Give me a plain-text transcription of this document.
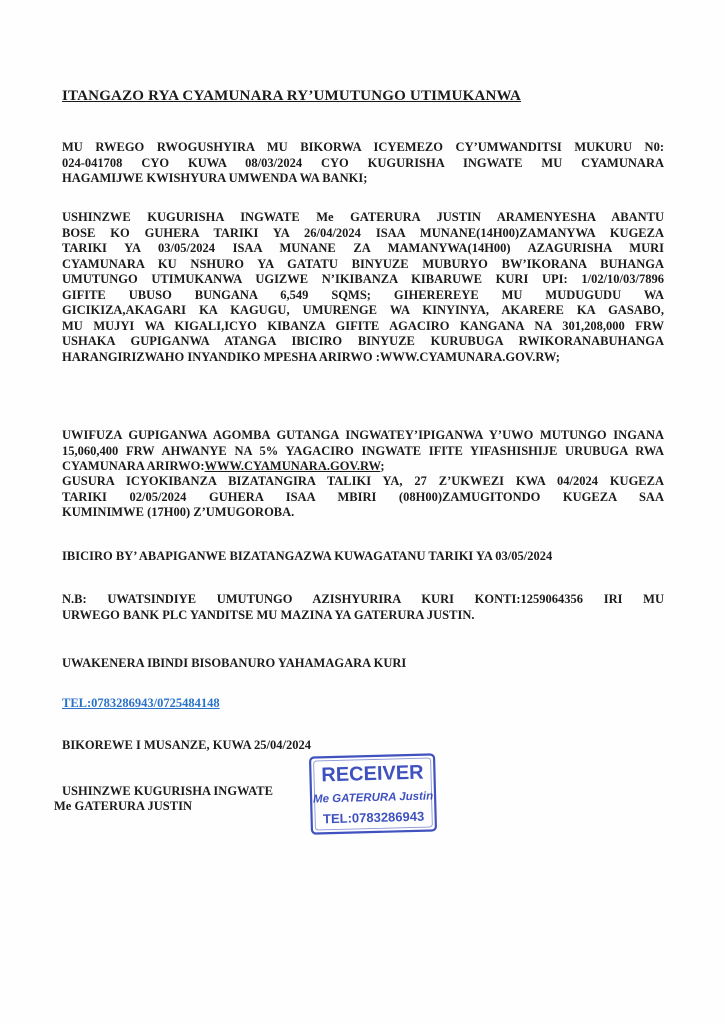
ITANGAZO RYA CYAMUNARA RY’UMUTUNGO UTIMUKANWA
MU RWEGO RWOGUSHYIRA MU BIKORWA ICYEMEZO CY’UMWANDITSI MUKURU N0:
024-041708 CYO KUWA 08/03/2024 CYO KUGURISHA INGWATE MU CYAMUNARA
HAGAMIJWE KWISHYURA UMWENDA WA BANKI;
USHINZWE KUGURISHA INGWATE Me GATERURA JUSTIN ARAMENYESHA ABANTU
BOSE KO GUHERA TARIKI YA 26/04/2024 ISAA MUNANE(14H00)ZAMANYWA KUGEZA
TARIKI YA 03/05/2024 ISAA MUNANE ZA MAMANYWA(14H00) AZAGURISHA MURI
CYAMUNARA KU NSHURO YA GATATU BINYUZE MUBURYO BW’IKORANA BUHANGA
UMUTUNGO UTIMUKANWA UGIZWE N’IKIBANZA KIBARUWE KURI UPI: 1/02/10/03/7896
GIFITE UBUSO BUNGANA 6,549 SQMS; GIHEREREYE MU MUDUGUDU WA
GICIKIZA,AKAGARI KA KAGUGU, UMURENGE WA KINYINYA, AKARERE KA GASABO,
MU MUJYI WA KIGALI,ICYO KIBANZA GIFITE AGACIRO KANGANA NA 301,208,000 FRW
USHAKA GUPIGANWA ATANGA IBICIRO BINYUZE KURUBUGA RWIKORANABUHANGA
HARANGIRIZWAHO INYANDIKO MPESHA ARIRWO :WWW.CYAMUNARA.GOV.RW;
UWIFUZA GUPIGANWA AGOMBA GUTANGA INGWATEY’IPIGANWA Y’UWO MUTUNGO INGANA
15,060,400 FRW AHWANYE NA 5% YAGACIRO INGWATE IFITE YIFASHISHIJE URUBUGA RWA
CYAMUNARA ARIRWO:WWW.CYAMUNARA.GOV.RW;
GUSURA ICYOKIBANZA BIZATANGIRA TALIKI YA, 27 Z’UKWEZI KWA 04/2024 KUGEZA
TARIKI 02/05/2024 GUHERA ISAA MBIRI (08H00)ZAMUGITONDO KUGEZA SAA
KUMINIMWE (17H00) Z’UMUGOROBA.
IBICIRO BY’ ABAPIGANWE BIZATANGAZWA KUWAGATANU TARIKI YA 03/05/2024
N.B: UWATSINDIYE UMUTUNGO AZISHYURIRA KURI KONTI:1259064356 IRI MU
URWEGO BANK PLC YANDITSE MU MAZINA YA GATERURA JUSTIN.
UWAKENERA IBINDI BISOBANURO YAHAMAGARA KURI
TEL:0783286943/0725484148
BIKOREWE I MUSANZE, KUWA 25/04/2024
USHINZWE KUGURISHA INGWATE
Me GATERURA JUSTIN
RECEIVER
Me GATERURA Justin
TEL:0783286943
